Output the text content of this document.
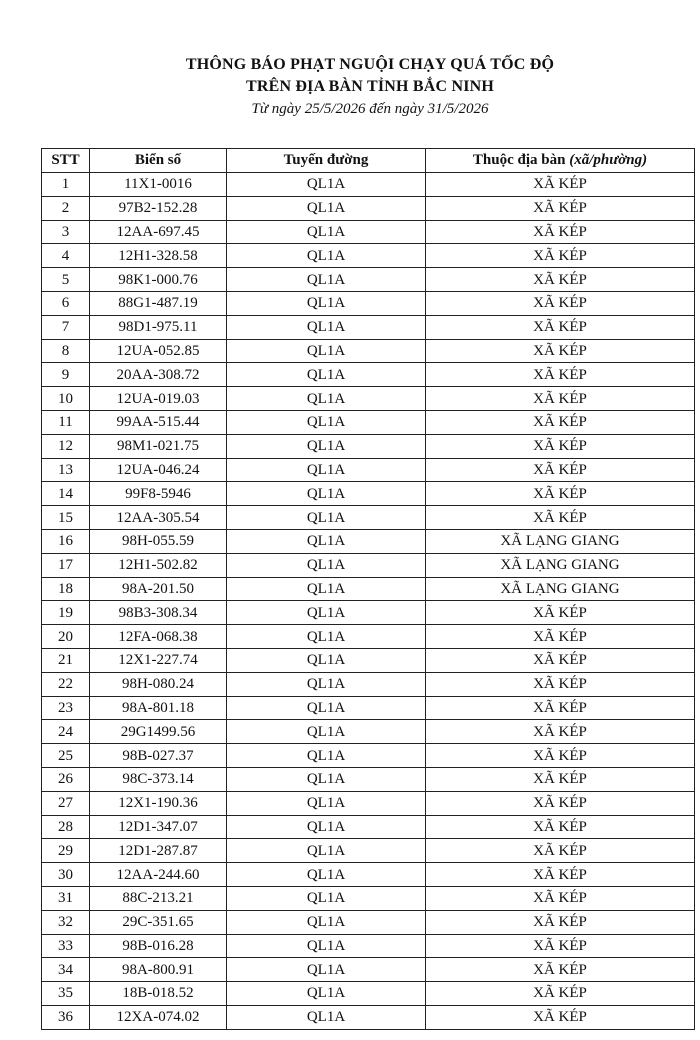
THÔNG BÁO PHẠT NGUỘI CHẠY QUÁ TỐC ĐỘ
TRÊN ĐỊA BÀN TỈNH BẮC NINH
Từ ngày 25/5/2026 đến ngày 31/5/2026
STT	Biển số	Tuyến đường	Thuộc địa bàn (xã/phường)
1	11X1-0016	QL1A	XÃ KÉP
2	97B2-152.28	QL1A	XÃ KÉP
3	12AA-697.45	QL1A	XÃ KÉP
4	12H1-328.58	QL1A	XÃ KÉP
5	98K1-000.76	QL1A	XÃ KÉP
6	88G1-487.19	QL1A	XÃ KÉP
7	98D1-975.11	QL1A	XÃ KÉP
8	12UA-052.85	QL1A	XÃ KÉP
9	20AA-308.72	QL1A	XÃ KÉP
10	12UA-019.03	QL1A	XÃ KÉP
11	99AA-515.44	QL1A	XÃ KÉP
12	98M1-021.75	QL1A	XÃ KÉP
13	12UA-046.24	QL1A	XÃ KÉP
14	99F8-5946	QL1A	XÃ KÉP
15	12AA-305.54	QL1A	XÃ KÉP
16	98H-055.59	QL1A	XÃ LẠNG GIANG
17	12H1-502.82	QL1A	XÃ LẠNG GIANG
18	98A-201.50	QL1A	XÃ LẠNG GIANG
19	98B3-308.34	QL1A	XÃ KÉP
20	12FA-068.38	QL1A	XÃ KÉP
21	12X1-227.74	QL1A	XÃ KÉP
22	98H-080.24	QL1A	XÃ KÉP
23	98A-801.18	QL1A	XÃ KÉP
24	29G1499.56	QL1A	XÃ KÉP
25	98B-027.37	QL1A	XÃ KÉP
26	98C-373.14	QL1A	XÃ KÉP
27	12X1-190.36	QL1A	XÃ KÉP
28	12D1-347.07	QL1A	XÃ KÉP
29	12D1-287.87	QL1A	XÃ KÉP
30	12AA-244.60	QL1A	XÃ KÉP
31	88C-213.21	QL1A	XÃ KÉP
32	29C-351.65	QL1A	XÃ KÉP
33	98B-016.28	QL1A	XÃ KÉP
34	98A-800.91	QL1A	XÃ KÉP
35	18B-018.52	QL1A	XÃ KÉP
36	12XA-074.02	QL1A	XÃ KÉP
